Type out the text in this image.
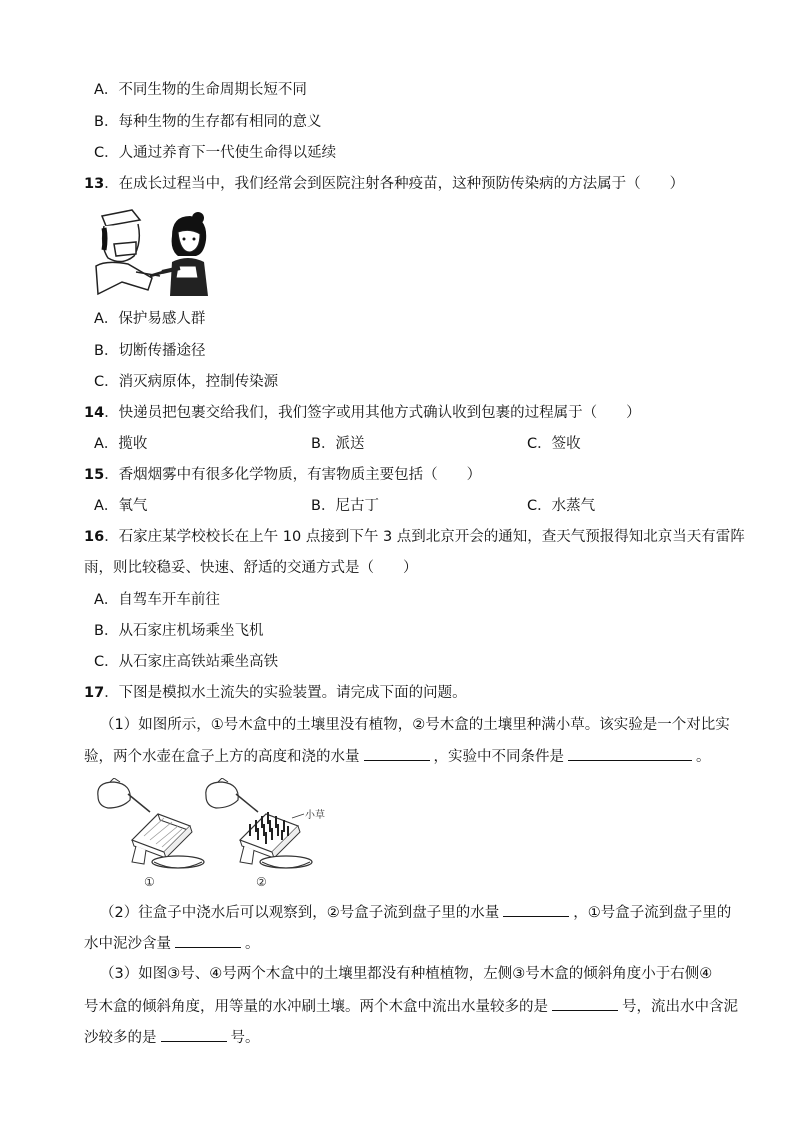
A．不同生物的生命周期长短不同
B．每种生物的生存都有相同的意义
C．人通过养育下一代使生命得以延续
13．在成长过程当中，我们经常会到医院注射各种疫苗，这种预防传染病的方法属于（　　）
A．保护易感人群
B．切断传播途径
C．消灭病原体，控制传染源
14．快递员把包裹交给我们，我们签字或用其他方式确认收到包裹的过程属于（　　）
A．揽收	B．派送	C．签收
15．香烟烟雾中有很多化学物质，有害物质主要包括（　　）
A．氧气	B．尼古丁	C．水蒸气
16．石家庄某学校校长在上午 10 点接到下午 3 点到北京开会的通知，查天气预报得知北京当天有雷阵
雨，则比较稳妥、快速、舒适的交通方式是（　　）
A．自驾车开车前往
B．从石家庄机场乘坐飞机
C．从石家庄高铁站乘坐高铁
17．下图是模拟水土流失的实验装置。请完成下面的问题。
（1）如图所示，①号木盒中的土壤里没有植物，②号木盒的土壤里种满小草。该实验是一个对比实
验，两个水壶在盒子上方的高度和浇的水量	，实验中不同条件是	。
小草
①	②
（2）往盒子中浇水后可以观察到，②号盒子流到盘子里的水量	，①号盒子流到盘子里的
水中泥沙含量	。
（3）如图③号、④号两个木盒中的土壤里都没有种植植物，左侧③号木盒的倾斜角度小于右侧④
号木盒的倾斜角度，用等量的水冲刷土壤。两个木盒中流出水量较多的是	号，流出水中含泥
沙较多的是	号。
